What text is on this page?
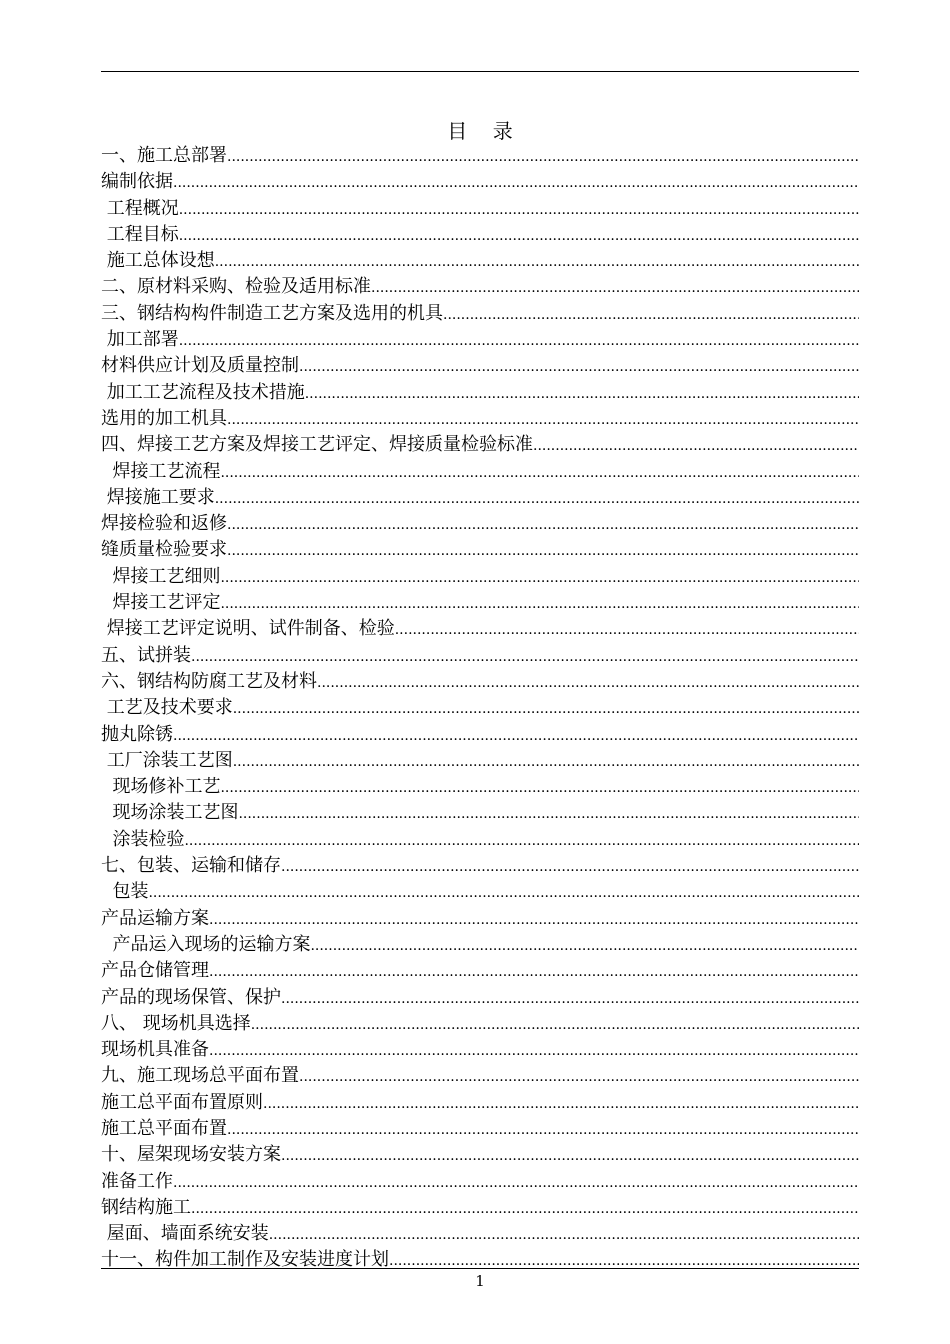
目    录
一、施工总部署
.....
编制依据
.....
工程概况
.....
工程目标
.....
施工总体设想
.....
二、原材料采购、检验及适用标准
.....
三、钢结构构件制造工艺方案及选用的机具
.....
加工部署
.....
材料供应计划及质量控制
.....
加工工艺流程及技术措施
.....
选用的加工机具
.....
四、焊接工艺方案及焊接工艺评定、焊接质量检验标准
.....
焊接工艺流程
.....
焊接施工要求
.....
焊接检验和返修
.....
缝质量检验要求
.....
焊接工艺细则
.....
焊接工艺评定
.....
焊接工艺评定说明、试件制备、检验
.....
五、试拼装
.....
六、钢结构防腐工艺及材料
.....
工艺及技术要求
.....
抛丸除锈
.....
工厂涂装工艺图
.....
现场修补工艺
.....
现场涂装工艺图
.....
涂装检验
.....
七、包装、运输和储存
.....
包装
.....
产品运输方案
.....
产品运入现场的运输方案
.....
产品仓储管理
.....
产品的现场保管、保护
.....
八、 现场机具选择
.....
现场机具准备
.....
九、施工现场总平面布置
.....
施工总平面布置原则
.....
施工总平面布置
.....
十、屋架现场安装方案
.....
准备工作
.....
钢结构施工
.....
屋面、墙面系统安装
.....
十一、构件加工制作及安装进度计划
.....
1
